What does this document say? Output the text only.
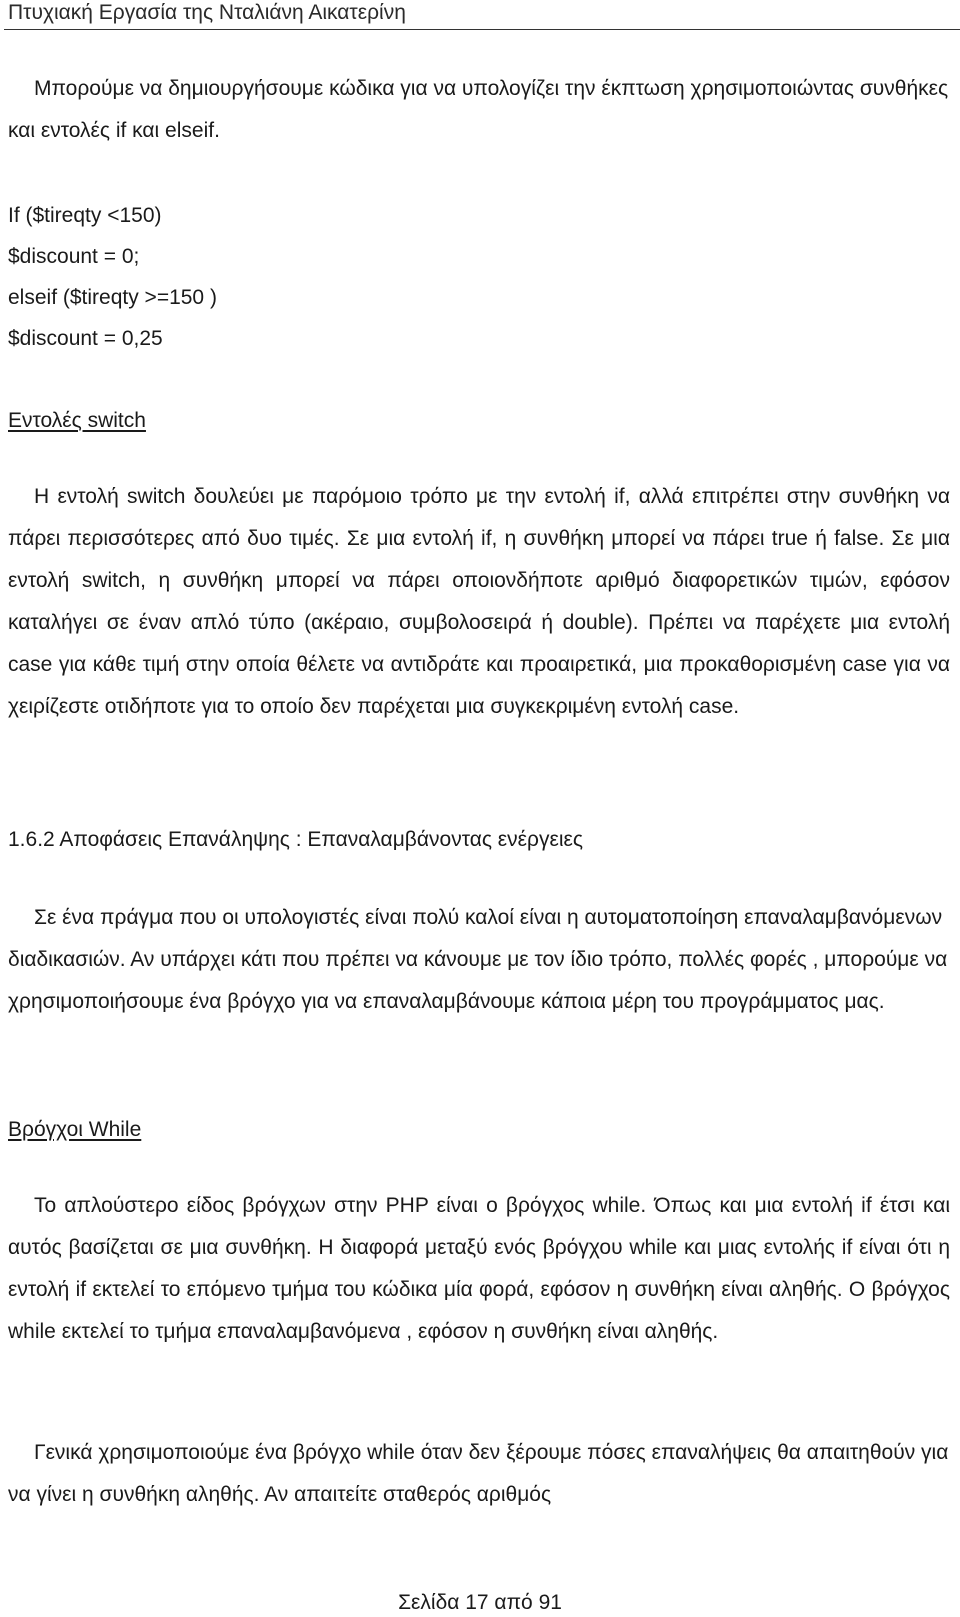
Πτυχιακή Εργασία της Νταλιάνη Αικατερίνη

Μπορούμε να δημιουργήσουμε κώδικα για να υπολογίζει την έκπτωση χρησιμοποιώντας συνθήκες και εντολές if και elseif.

If ($tireqty <150)

$discount = 0;

elseif ($tireqty >=150 )

$discount = 0,25

Εντολές switch

Η εντολή switch δουλεύει με παρόμοιο τρόπο με την εντολή if, αλλά επιτρέπει στην συνθήκη να πάρει περισσότερες από δυο τιμές. Σε μια εντολή if, η συνθήκη μπορεί να πάρει true ή false. Σε μια εντολή switch, η συνθήκη μπορεί να πάρει οποιονδήποτε αριθμό διαφορετικών τιμών, εφόσον καταλήγει σε έναν απλό τύπο (ακέραιο, συμβολοσειρά ή double). Πρέπει να παρέχετε μια εντολή case για κάθε τιμή στην οποία θέλετε να αντιδράτε και προαιρετικά, μια προκαθορισμένη case για να χειρίζεστε οτιδήποτε για το οποίο δεν παρέχεται μια συγκεκριμένη εντολή case.

1.6.2 Αποφάσεις Επανάληψης : Επαναλαμβάνοντας ενέργειες

Σε ένα πράγμα που οι υπολογιστές είναι πολύ καλοί είναι η αυτοματοποίηση επαναλαμβανόμενων διαδικασιών. Αν υπάρχει κάτι που πρέπει να κάνουμε με τον ίδιο τρόπο, πολλές φορές , μπορούμε να χρησιμοποιήσουμε ένα βρόγχο για να επαναλαμβάνουμε κάποια μέρη του προγράμματος μας.

Βρόγχοι While

Το απλούστερο είδος βρόγχων στην PHP είναι ο βρόγχος while. Όπως και μια εντολή if έτσι και αυτός βασίζεται σε μια συνθήκη. Η διαφορά μεταξύ ενός βρόγχου while και μιας εντολής if είναι ότι η εντολή if εκτελεί το επόμενο τμήμα του κώδικα μία φορά, εφόσον η συνθήκη είναι αληθής. Ο βρόγχος while εκτελεί το τμήμα επαναλαμβανόμενα , εφόσον η συνθήκη είναι αληθής.

Γενικά χρησιμοποιούμε ένα βρόγχο while όταν δεν ξέρουμε πόσες επαναλήψεις θα απαιτηθούν για να γίνει η συνθήκη αληθής. Αν απαιτείτε σταθερός αριθμός

Σελίδα 17 από 91
